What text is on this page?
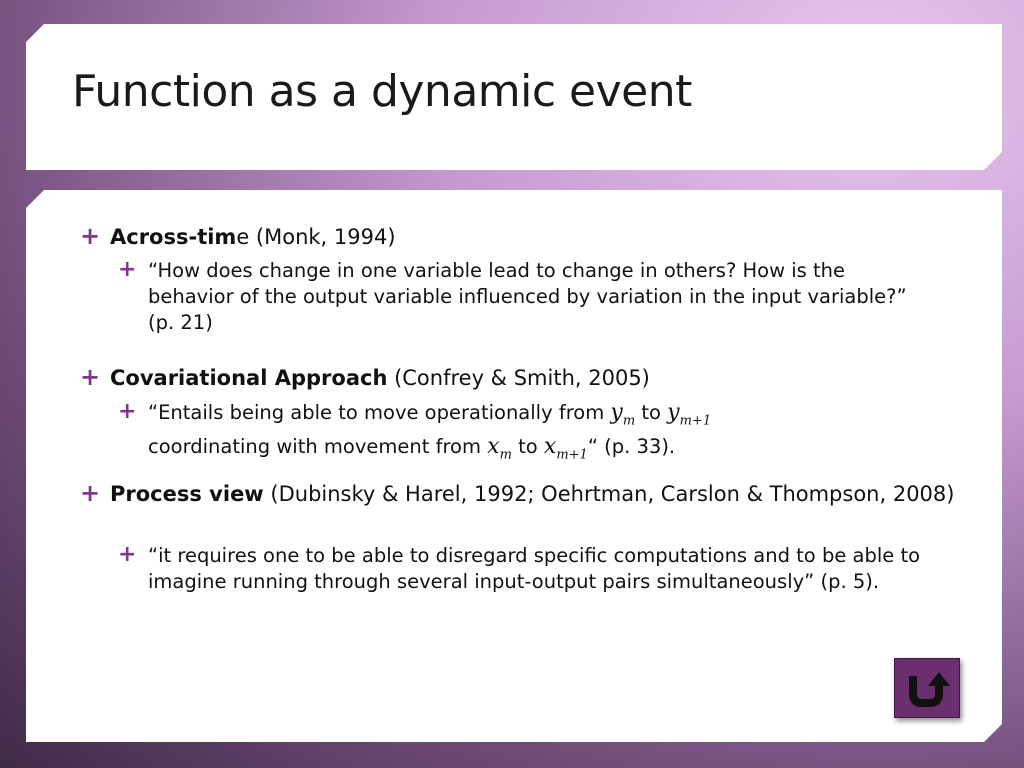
Function as a dynamic event
+ Across-time (Monk, 1994)
+ “How does change in one variable lead to change in others? How is the behavior of the output variable influenced by variation in the input variable?” (p. 21)
+ Covariational Approach (Confrey & Smith, 2005)
+ “Entails being able to move operationally from $y_m$ to $y_{m+1}$
coordinating with movement from $x_m$ to $x_{m+1}“$ (p. 33).
+ Process view (Dubinsky & Harel, 1992; Oehrtman, Carslon & Thompson, 2008)
+ “it requires one to be able to disregard specific computations and to be able to imagine running through several input-output pairs simultaneously” (p. 5).
